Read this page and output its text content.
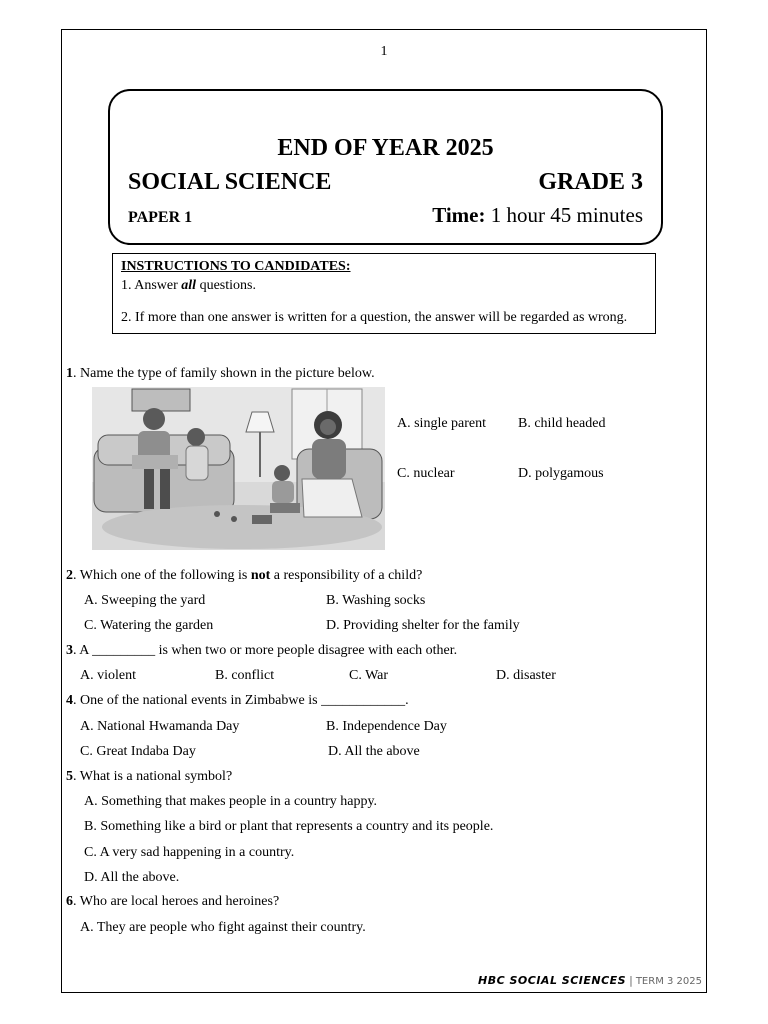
1
END OF YEAR 2025
SOCIAL SCIENCE	GRADE 3
PAPER 1	Time: 1 hour 45 minutes
INSTRUCTIONS TO CANDIDATES:
1. Answer all questions.
2. If more than one answer is written for a question, the answer will be regarded as wrong.
1. Name the type of family shown in the picture below.
A. single parent B. child headed
C. nuclear	D. polygamous
2. Which one of the following is not a responsibility of a child?
A. Sweeping the yard	B. Washing socks
C. Watering the garden	D. Providing shelter for the family
3. A _________ is when two or more people disagree with each other.
A. violent	B. conflict	C. War	D. disaster
4. One of the national events in Zimbabwe is ____________.
A. National Hwamanda Day	B. Independence Day
C. Great Indaba Day	D. All the above
5. What is a national symbol?
A. Something that makes people in a country happy.
B. Something like a bird or plant that represents a country and its people.
C. A very sad happening in a country.
D. All the above.
6. Who are local heroes and heroines?
A. They are people who fight against their country.
HBC SOCIAL SCIENCES | TERM 3 2025
